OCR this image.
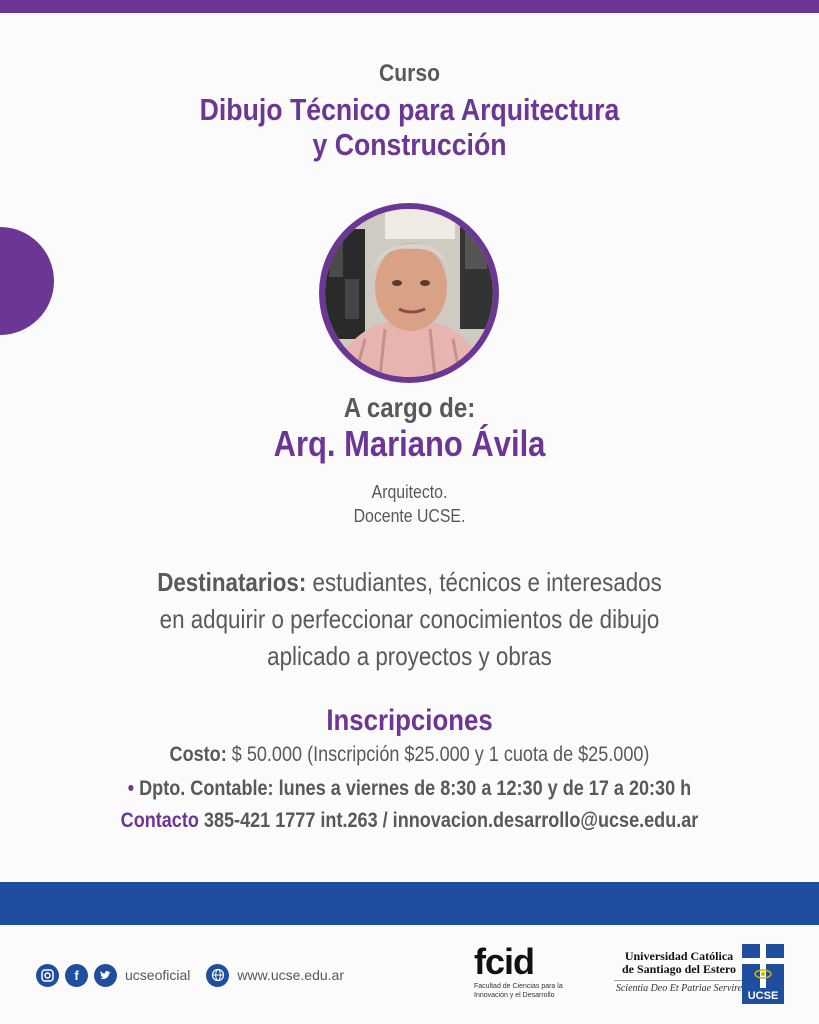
Curso
Dibujo Técnico para Arquitectura
y Construcción
A cargo de:
Arq. Mariano Ávila
Arquitecto.
Docente UCSE.
Destinatarios: estudiantes, técnicos e interesados
en adquirir o perfeccionar conocimientos de dibujo
aplicado a proyectos y obras
Inscripciones
Costo: $ 50.000 (Inscripción $25.000 y 1 cuota de $25.000)
• Dpto. Contable: lunes a viernes de 8:30 a 12:30 y de 17 a 20:30 h
Contacto 385-421 1777 int.263 / innovacion.desarrollo@ucse.edu.ar
f	ucseoficial	www.ucse.edu.ar	fcid
Facultad de Ciencias para la
Innovación y el Desarrollo
Universidad Católica
de Santiago del Estero
Scientia Deo Et Patriae Servire
UCSE
